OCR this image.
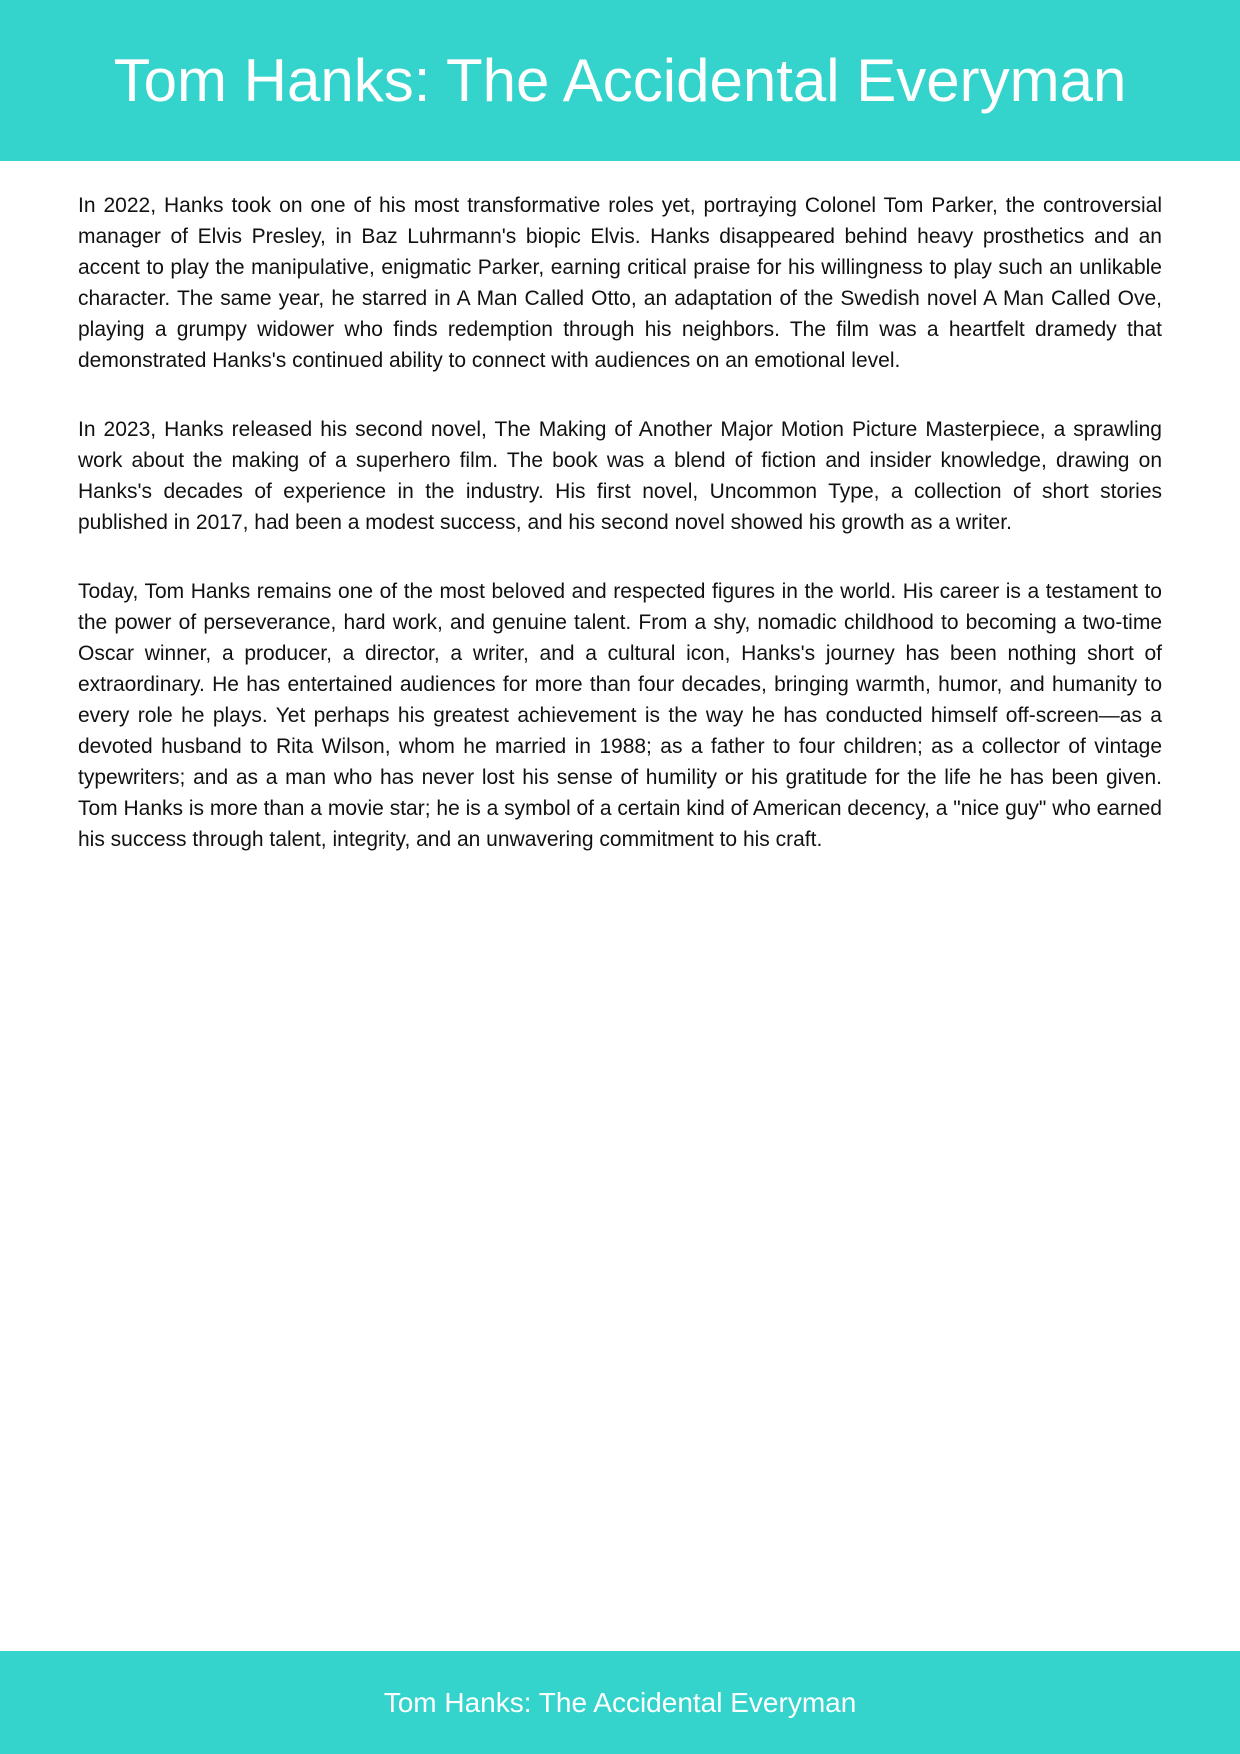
Tom Hanks: The Accidental Everyman

In 2022, Hanks took on one of his most transformative roles yet, portraying Colonel Tom Parker, the controversial manager of Elvis Presley, in Baz Luhrmann's biopic Elvis. Hanks disappeared behind heavy prosthetics and an accent to play the manipulative, enigmatic Parker, earning critical praise for his willingness to play such an unlikable character. The same year, he starred in A Man Called Otto, an adaptation of the Swedish novel A Man Called Ove, playing a grumpy widower who finds redemption through his neighbors. The film was a heartfelt dramedy that demonstrated Hanks's continued ability to connect with audiences on an emotional level.

In 2023, Hanks released his second novel, The Making of Another Major Motion Picture Masterpiece, a sprawling work about the making of a superhero film. The book was a blend of fiction and insider knowledge, drawing on Hanks's decades of experience in the industry. His first novel, Uncommon Type, a collection of short stories published in 2017, had been a modest success, and his second novel showed his growth as a writer.

Today, Tom Hanks remains one of the most beloved and respected figures in the world. His career is a testament to the power of perseverance, hard work, and genuine talent. From a shy, nomadic childhood to becoming a two-time Oscar winner, a producer, a director, a writer, and a cultural icon, Hanks's journey has been nothing short of extraordinary. He has entertained audiences for more than four decades, bringing warmth, humor, and humanity to every role he plays. Yet perhaps his greatest achievement is the way he has conducted himself off-screen—as a devoted husband to Rita Wilson, whom he married in 1988; as a father to four children; as a collector of vintage typewriters; and as a man who has never lost his sense of humility or his gratitude for the life he has been given. Tom Hanks is more than a movie star; he is a symbol of a certain kind of American decency, a "nice guy" who earned his success through talent, integrity, and an unwavering commitment to his craft.

Tom Hanks: The Accidental Everyman
